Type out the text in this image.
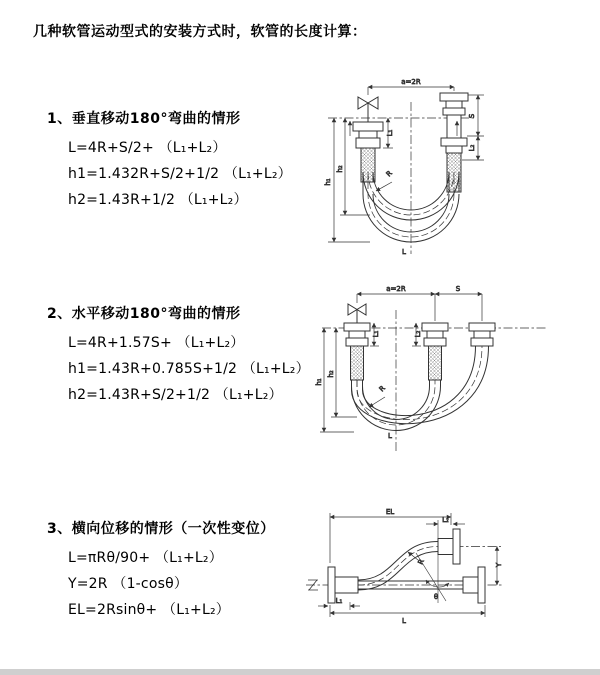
几种软管运动型式的安装方式时，软管的长度计算：
1、垂直移动180°弯曲的情形
L=4R+S/2+ （L₁+L₂）
h1=1.432R+S/2+1/2 （L₁+L₂）
h2=1.43R+1/2 （L₁+L₂）
2、水平移动180°弯曲的情形
L=4R+1.57S+ （L₁+L₂）
h1=1.43R+0.785S+1/2 （L₁+L₂）
h2=1.43R+S/2+1/2 （L₁+L₂）
3、横向位移的情形（一次性变位）
L=πRθ/90+ （L₁+L₂）
Y=2R （1-cosθ）
EL=2Rsinθ+ （L₁+L₂）
a=2R
h₁
h₂
L₁
S
L₂
R
L
a=2R	S
h₁
h₂
L₁	L₂
R
L
EL
L₂
Y
L
L₁
R
θ
